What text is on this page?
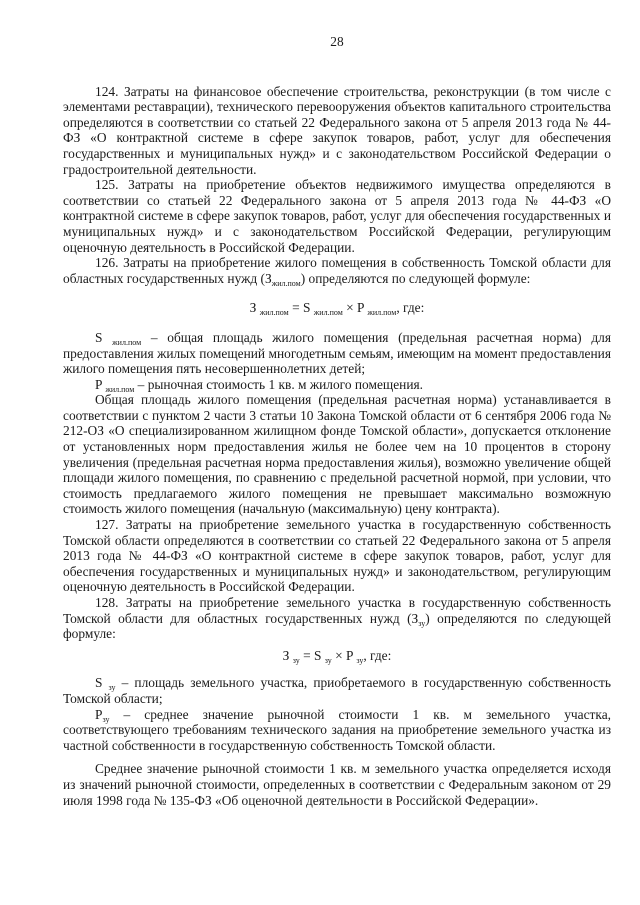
28

124. Затраты на финансовое обеспечение строительства, реконструкции (в том числе с элементами реставрации), технического перевооружения объектов капитального строительства определяются в соответствии со статьей 22 Федерального закона от 5 апреля 2013 года № 44-ФЗ «О контрактной системе в сфере закупок товаров, работ, услуг для обеспечения государственных и муниципальных нужд» и с законодательством Российской Федерации о градостроительной деятельности.

125. Затраты на приобретение объектов недвижимого имущества определяются в соответствии со статьей 22 Федерального закона от 5 апреля 2013 года № 44-ФЗ «О контрактной системе в сфере закупок товаров, работ, услуг для обеспечения государственных и муниципальных нужд» и с законодательством Российской Федерации, регулирующим оценочную деятельность в Российской Федерации.

126. Затраты на приобретение жилого помещения в собственность Томской области для областных государственных нужд $(З_{жил.пом})$ определяются по следующей формуле:

З $_{жил.пом}$ = S $_{жил.пом}$ × P $_{жил.пом}$, где:

S $_{жил.пом}$ – общая площадь жилого помещения (предельная расчетная норма) для предоставления жилых помещений многодетным семьям, имеющим на момент предоставления жилого помещения пять несовершеннолетних детей;

P $_{жил.пом}$ – рыночная стоимость 1 кв. м жилого помещения.

Общая площадь жилого помещения (предельная расчетная норма) устанавливается в соответствии с пунктом 2 части 3 статьи 10 Закона Томской области от 6 сентября 2006 года № 212-ОЗ «О специализированном жилищном фонде Томской области», допускается отклонение от установленных норм предоставления жилья не более чем на 10 процентов в сторону увеличения (предельная расчетная норма предоставления жилья), возможно увеличение общей площади жилого помещения, по сравнению с предельной расчетной нормой, при условии, что стоимость предлагаемого жилого помещения не превышает максимально возможную стоимость жилого помещения (начальную (максимальную) цену контракта).

127. Затраты на приобретение земельного участка в государственную собственность Томской области определяются в соответствии со статьей 22 Федерального закона от 5 апреля 2013 года № 44-ФЗ «О контрактной системе в сфере закупок товаров, работ, услуг для обеспечения государственных и муниципальных нужд» и законодательством, регулирующим оценочную деятельность в Российской Федерации.

128. Затраты на приобретение земельного участка в государственную собственность Томской области для областных государственных нужд $(З_{зу})$ определяются по следующей формуле:

З $_{зу}$ = S $_{зу}$ × P $_{зу}$, где:

S $_{зу}$ – площадь земельного участка, приобретаемого в государственную собственность Томской области;

$P_{зу}$ – среднее значение рыночной стоимости 1 кв. м земельного участка, соответствующего требованиям технического задания на приобретение земельного участка из частной собственности в государственную собственность Томской области.

Среднее значение рыночной стоимости 1 кв. м земельного участка определяется исходя из значений рыночной стоимости, определенных в соответствии с Федеральным законом от 29 июля 1998 года № 135-ФЗ «Об оценочной деятельности в Российской Федерации».
